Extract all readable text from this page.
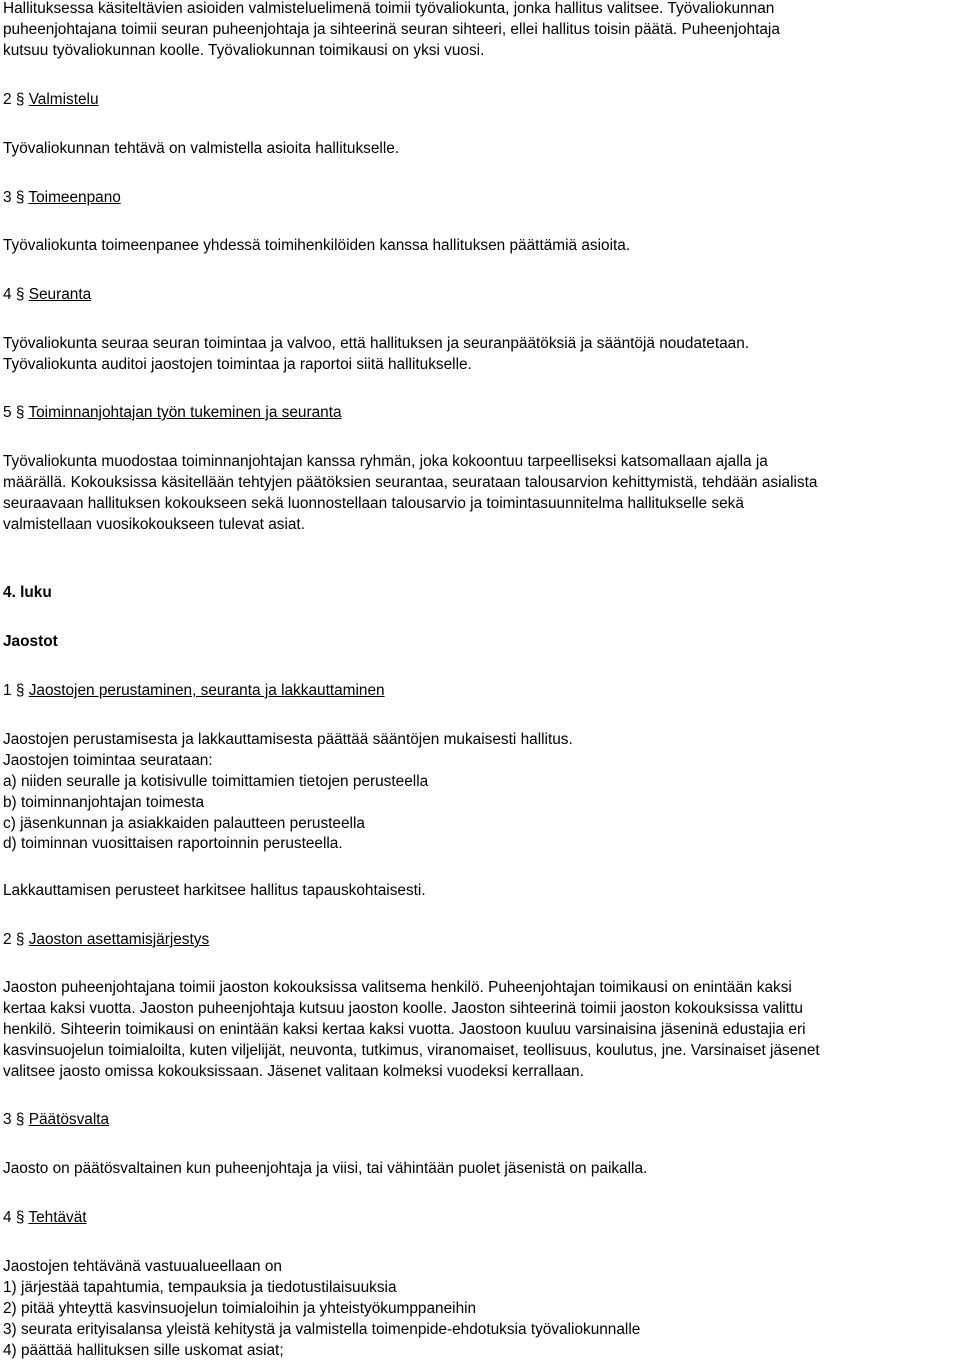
Hallituksessa käsiteltävien asioiden valmisteluelimenä toimii työvaliokunta, jonka hallitus valitsee. Työvaliokunnan
puheenjohtajana toimii seuran puheenjohtaja ja sihteerinä seuran sihteeri, ellei hallitus toisin päätä. Puheenjohtaja
kutsuu työvaliokunnan koolle. Työvaliokunnan toimikausi on yksi vuosi.
2 § Valmistelu
Työvaliokunnan tehtävä on valmistella asioita hallitukselle.
3 § Toimeenpano
Työvaliokunta toimeenpanee yhdessä toimihenkilöiden kanssa hallituksen päättämiä asioita.
4 § Seuranta
Työvaliokunta seuraa seuran toimintaa ja valvoo, että hallituksen ja seuranpäätöksiä ja sääntöjä noudatetaan.
Työvaliokunta auditoi jaostojen toimintaa ja raportoi siitä hallitukselle.
5 § Toiminnanjohtajan työn tukeminen ja seuranta
Työvaliokunta muodostaa toiminnanjohtajan kanssa ryhmän, joka kokoontuu tarpeelliseksi katsomallaan ajalla ja
määrällä. Kokouksissa käsitellään tehtyjen päätöksien seurantaa, seurataan talousarvion kehittymistä, tehdään asialista
seuraavaan hallituksen kokoukseen sekä luonnostellaan talousarvio ja toimintasuunnitelma hallitukselle sekä
valmistellaan vuosikokoukseen tulevat asiat.
4. luku
Jaostot
1 § Jaostojen perustaminen, seuranta ja lakkauttaminen
Jaostojen perustamisesta ja lakkauttamisesta päättää sääntöjen mukaisesti hallitus.
Jaostojen toimintaa seurataan:
a) niiden seuralle ja kotisivulle toimittamien tietojen perusteella
b) toiminnanjohtajan toimesta
c) jäsenkunnan ja asiakkaiden palautteen perusteella
d) toiminnan vuosittaisen raportoinnin perusteella.
Lakkauttamisen perusteet harkitsee hallitus tapauskohtaisesti.
2 § Jaoston asettamisjärjestys
Jaoston puheenjohtajana toimii jaoston kokouksissa valitsema henkilö. Puheenjohtajan toimikausi on enintään kaksi
kertaa kaksi vuotta. Jaoston puheenjohtaja kutsuu jaoston koolle. Jaoston sihteerinä toimii jaoston kokouksissa valittu
henkilö. Sihteerin toimikausi on enintään kaksi kertaa kaksi vuotta. Jaostoon kuuluu varsinaisina jäseninä edustajia eri
kasvinsuojelun toimialoilta, kuten viljelijät, neuvonta, tutkimus, viranomaiset, teollisuus, koulutus, jne. Varsinaiset jäsenet
valitsee jaosto omissa kokouksissaan. Jäsenet valitaan kolmeksi vuodeksi kerrallaan.
3 § Päätösvalta
Jaosto on päätösvaltainen kun puheenjohtaja ja viisi, tai vähintään puolet jäsenistä on paikalla.
4 § Tehtävät
Jaostojen tehtävänä vastuualueellaan on
1) järjestää tapahtumia, tempauksia ja tiedotustilaisuuksia
2) pitää yhteyttä kasvinsuojelun toimialoihin ja yhteistyökumppaneihin
3) seurata erityisalansa yleistä kehitystä ja valmistella toimenpide-ehdotuksia työvaliokunnalle
4) päättää hallituksen sille uskomat asiat;
